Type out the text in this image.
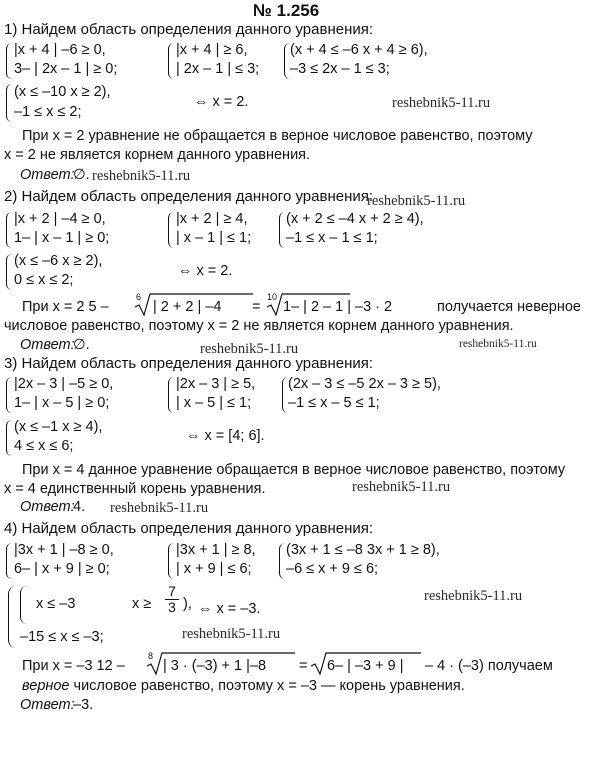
№ 1.256
1) Найдем область определения данного уравнения:
|x + 4 | –6 ≥ 0,
3– | 2x – 1 | ≥ 0;
|x + 4 | ≥ 6,
| 2x – 1 | ≤ 3;
(x + 4 ≤ –6 x + 4 ≥ 6),
–3 ≤ 2x – 1 ≤ 3;
(x ≤ –10 x ≥ 2),
–1 ≤ x ≤ 2;
⇔ x = 2.	reshebnik5-11.ru
При x = 2 уравнение не обращается в верное числовое равенство, поэтому
x = 2 не является корнем данного уравнения.
Ответ:
∅. reshebnik5-11.ru
2) Найдем область определения данного уравнения:
reshebnik5-11.ru
|x + 2 | –4 ≥ 0,
1– | x – 1 | ≥ 0;
|x + 2 | ≥ 4,
| x – 1 | ≤ 1;
(x + 2 ≤ –4 x + 2 ≥ 4),
–1 ≤ x – 1 ≤ 1;
(x ≤ –6 x ≥ 2),
0 ≤ x ≤ 2;
⇔ x = 2.
При x = 2 5 –
6
| 2 + 2 | –4 =
10
1– | 2 – 1 | –3 · 2	получается неверное
числовое равенство, поэтому x = 2 не является корнем данного уравнения.
Ответ:
∅.	reshebnik5-11.ru
3) Найдем область определения данного уравнения:
reshebnik5-11.ru
|2x – 3 | –5 ≥ 0,
1– | x – 5 | ≥ 0;
|2x – 3 | ≥ 5,
| x – 5 | ≤ 1;
(2x – 3 ≤ –5 2x – 3 ≥ 5),
–1 ≤ x – 5 ≤ 1;
(x ≤ –1 x ≥ 4),
4 ≤ x ≤ 6;
⇔ x = [4; 6].
При x = 4 данное уравнение обращается в верное числовое равенство, поэтому
x = 4 единственный корень уравнения.	reshebnik5-11.ru
Ответ:
4. reshebnik5-11.ru
4) Найдем область определения данного уравнения:
|3x + 1 | –8 ≥ 0,
6– | x + 9 | ≥ 0;
|3x + 1 | ≥ 8,
| x + 9 | ≤ 6;
(3x + 1 ≤ –8 3x + 1 ≥ 8),
–6 ≤ x + 9 ≤ 6;
x ≤ –3	x ≥
7
3 ),
–15 ≤ x ≤ –3;
⇔ x = –3.
reshebnik5-11.ru
reshebnik5-11.ru
При x = –3 12 –
8
| 3 · (–3) + 1 |–8 = 6– | –3 + 9 | – 4 · (–3) получаем
верное числовое равенство, поэтому x = –3 — корень уравнения.
Ответ:
–3.
